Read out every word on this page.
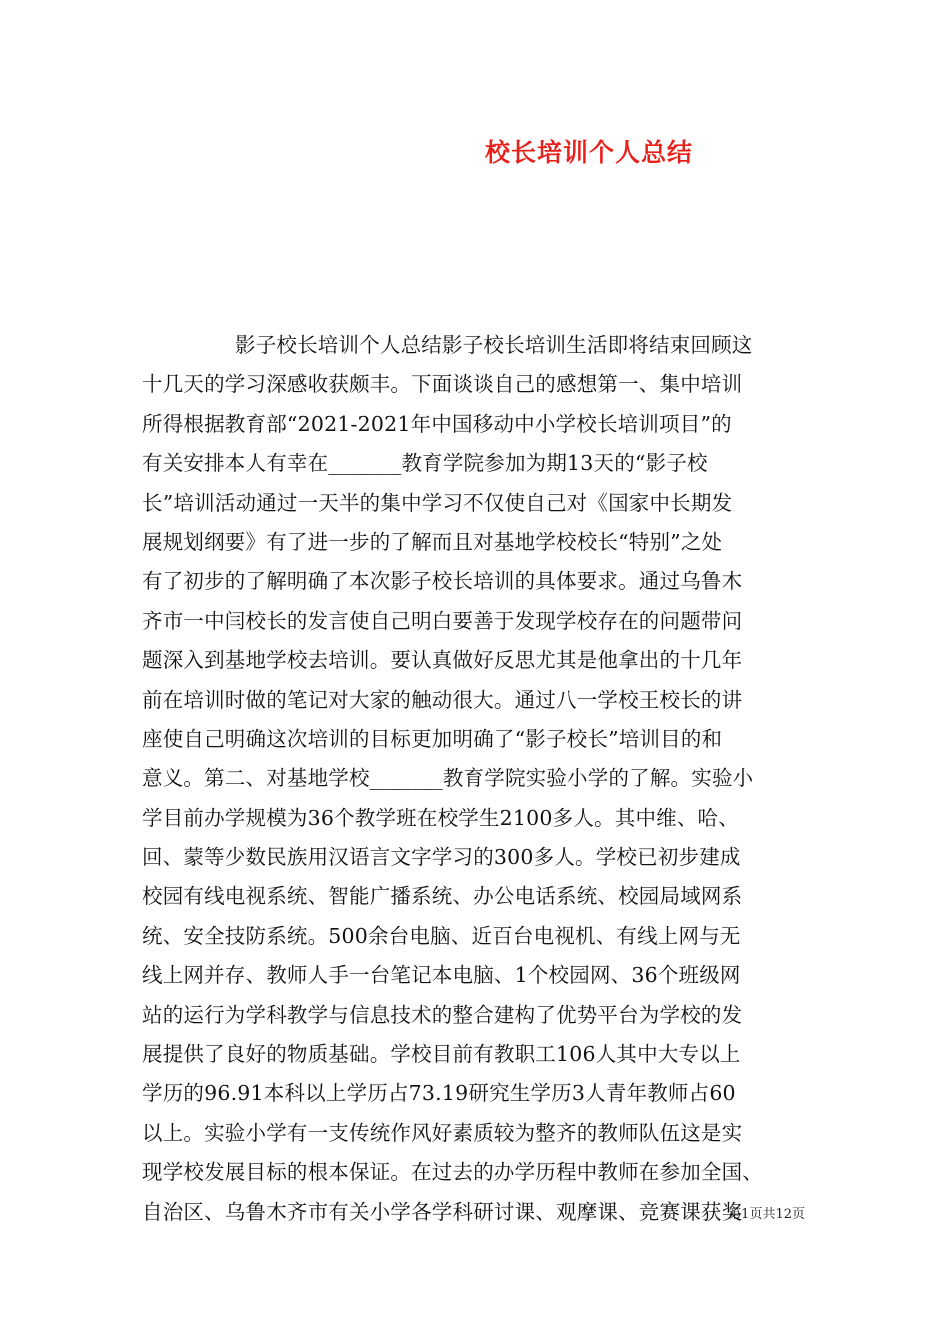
校长培训个人总结
影子校长培训个人总结影子校长培训生活即将结束回顾这
十几天的学习深感收获颇丰。下面谈谈自己的感想第一、集中培训
所得根据教育部“2021-2021年中国移动中小学校长培训项目”的
有关安排本人有幸在_______教育学院参加为期13天的“影子校
长”培训活动通过一天半的集中学习不仅使自己对《国家中长期发
展规划纲要》有了进一步的了解而且对基地学校校长“特别”之处
有了初步的了解明确了本次影子校长培训的具体要求。通过乌鲁木
齐市一中闫校长的发言使自己明白要善于发现学校存在的问题带问
题深入到基地学校去培训。要认真做好反思尤其是他拿出的十几年
前在培训时做的笔记对大家的触动很大。通过八一学校王校长的讲
座使自己明确这次培训的目标更加明确了“影子校长”培训目的和
意义。第二、对基地学校_______教育学院实验小学的了解。实验小
学目前办学规模为36个教学班在校学生2100多人。其中维、哈、
回、蒙等少数民族用汉语言文字学习的300多人。学校已初步建成
校园有线电视系统、智能广播系统、办公电话系统、校园局域网系
统、安全技防系统。500余台电脑、近百台电视机、有线上网与无
线上网并存、教师人手一台笔记本电脑、1个校园网、36个班级网
站的运行为学科教学与信息技术的整合建构了优势平台为学校的发
展提供了良好的物质基础。学校目前有教职工106人其中大专以上
学历的96.91本科以上学历占73.19研究生学历3人青年教师占60
以上。实验小学有一支传统作风好素质较为整齐的教师队伍这是实
现学校发展目标的根本保证。在过去的办学历程中教师在参加全国、
自治区、乌鲁木齐市有关小学各学科研讨课、观摩课、竞赛课获奖
第1页共12页
